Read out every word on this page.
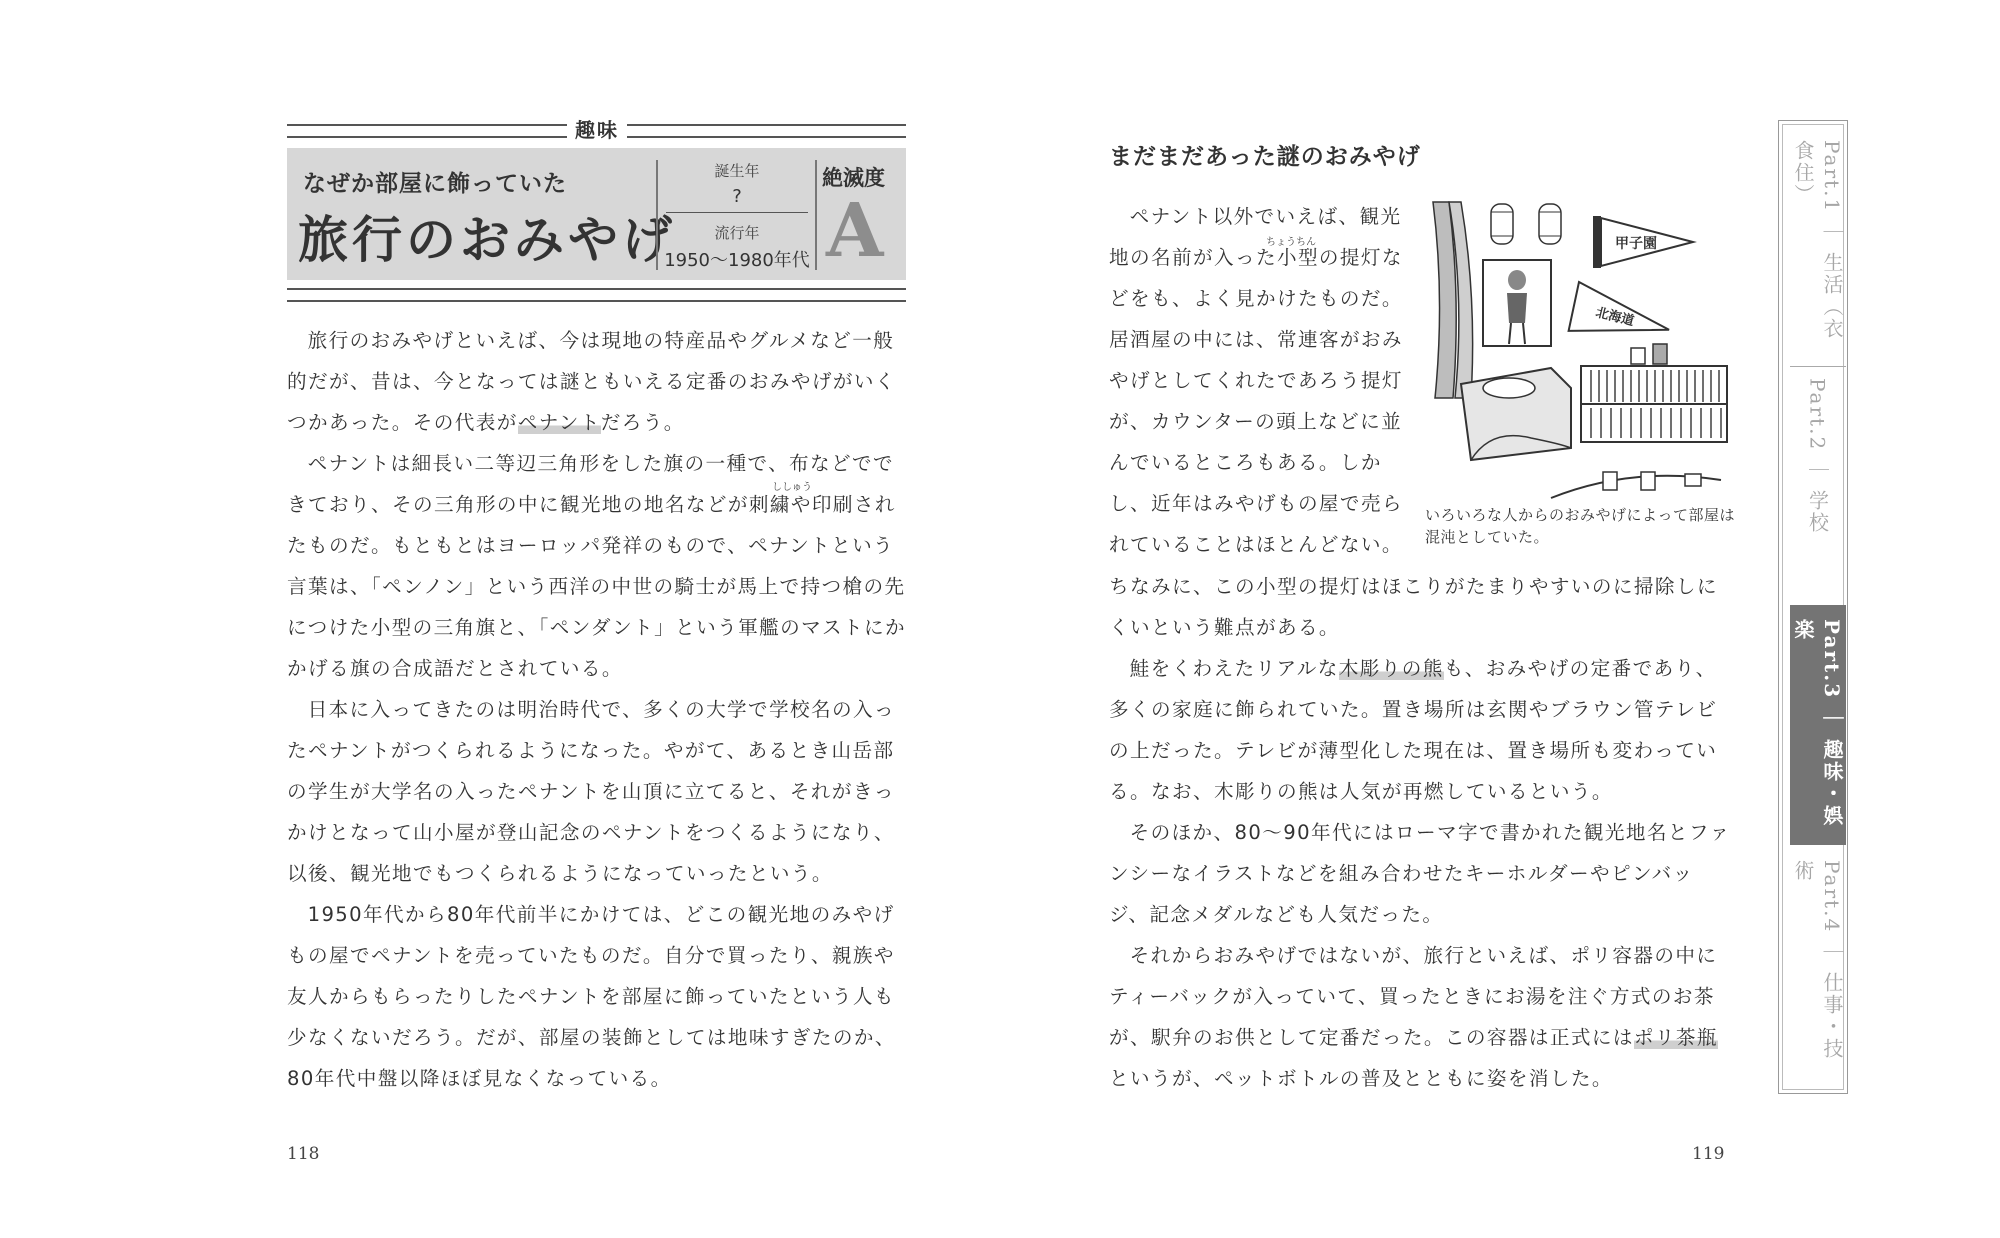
趣味
なぜか部屋に飾っていた
旅行のおみやげ
誕生年
?
流行年
1950～1980年代
絶滅度
A
旅行のおみやげといえば、今は現地の特産品やグルメなど一般的だが、昔は、今となっては謎ともいえる定番のおみやげがいくつかあった。その代表がペナントだろう。
ペナントは細長い二等辺三角形をした旗の一種で、布などでできており、その三角形の中に観光地の地名などが刺繍や印刷されたものだ。もともとはヨーロッパ発祥のもので、ペナントという言葉は、「ペンノン」という西洋の中世の騎士が馬上で持つ槍の先につけた小型の三角旗と、「ペンダント」という軍艦のマストにかかげる旗の合成語だとされている。
ししゅう
日本に入ってきたのは明治時代で、多くの大学で学校名の入ったペナントがつくられるようになった。やがて、あるとき山岳部の学生が大学名の入ったペナントを山頂に立てると、それがきっかけとなって山小屋が登山記念のペナントをつくるようになり、以後、観光地でもつくられるようになっていったという。
1950年代から80年代前半にかけては、どこの観光地のみやげもの屋でペナントを売っていたものだ。自分で買ったり、親族や友人からもらったりしたペナントを部屋に飾っていたという人も少なくないだろう。だが、部屋の装飾としては地味すぎたのか、80年代中盤以降ほぼ見なくなっている。
118
まだまだあった謎のおみやげ
ペナント以外でいえば、観光地の名前が入った小型の提灯などをも、よく見かけたものだ。居酒屋の中には、常連客がおみやげとしてくれたであろう提灯が、カウンターの頭上などに並んでいるところもある。しかし、近年はみやげもの屋で売られていることはほとんどない。
ちょうちん	甲子園
北海道
いろいろな人からのおみやげによって部屋は混沌としていた。
ちなみに、この小型の提灯はほこりがたまりやすいのに掃除しにくいという難点がある。
鮭をくわえたリアルな木彫りの熊も、おみやげの定番であり、多くの家庭に飾られていた。置き場所は玄関やブラウン管テレビの上だった。テレビが薄型化した現在は、置き場所も変わっている。なお、木彫りの熊は人気が再燃しているという。
そのほか、80～90年代にはローマ字で書かれた観光地名とファンシーなイラストなどを組み合わせたキーホルダーやピンバッジ、記念メダルなども人気だった。
それからおみやげではないが、旅行といえば、ポリ容器の中にティーバックが入っていて、買ったときにお湯を注ぐ方式のお茶が、駅弁のお供として定番だった。この容器は正式にはポリ茶瓶というが、ペットボトルの普及とともに姿を消した。
119
Part.1 ｜ 生活（衣食住）
Part.2 ｜ 学校
Part.3 ｜ 趣味・娯楽
Part.4 ｜ 仕事・技術
